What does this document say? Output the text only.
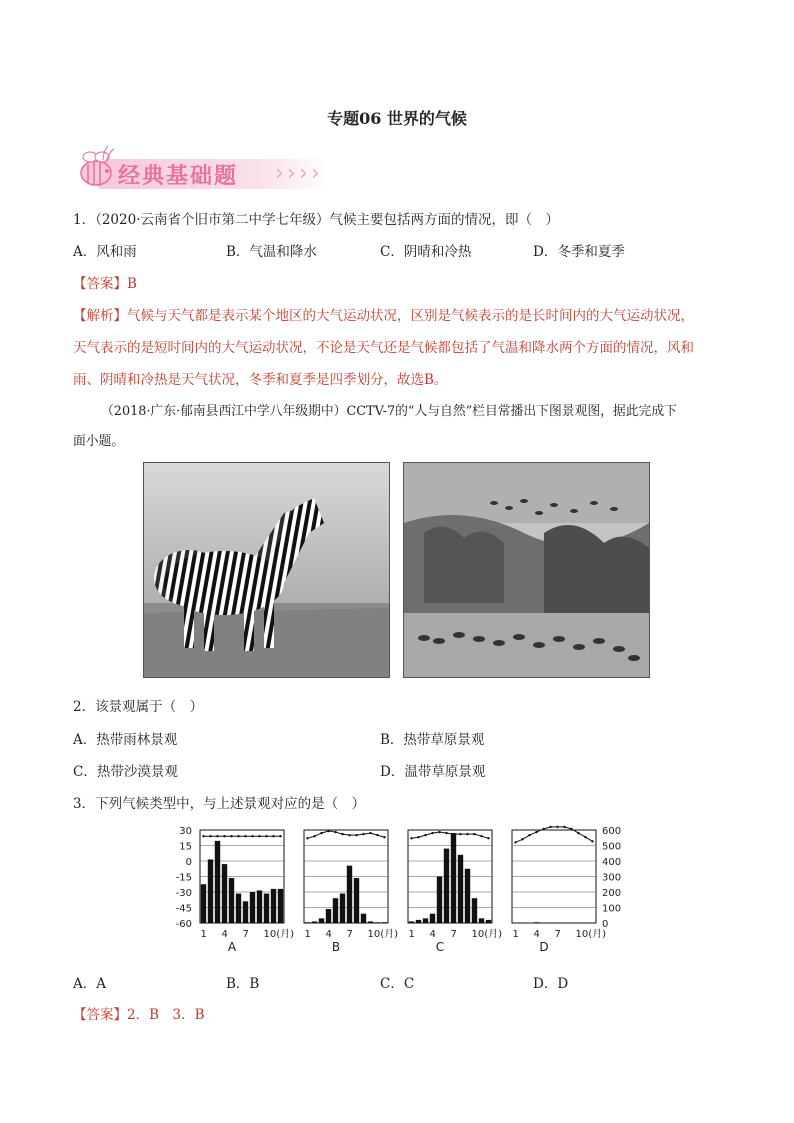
专题06 世界的气候
经典基础题 › › › ›
1．（2020·云南省个旧市第二中学七年级）气候主要包括两方面的情况，即（　）
A．风和雨	B．气温和降水	C．阴晴和冷热	D．冬季和夏季
【答案】B
【解析】气候与天气都是表示某个地区的大气运动状况，区别是气候表示的是长时间内的大气运动状况，
天气表示的是短时间内的大气运动状况，不论是天气还是气候都包括了气温和降水两个方面的情况，风和
雨、阴晴和冷热是天气状况，冬季和夏季是四季划分，故选B。
（2018·广东·郁南县西江中学八年级期中）CCTV-7的“人与自然”栏目常播出下图景观图，据此完成下
面小题。
2．该景观属于（　）
A．热带雨林景观	B．热带草原景观
C．热带沙漠景观	D．温带草原景观
3．下列气候类型中，与上述景观对应的是（　）
30
15
0
-15
-30
-45
-60
600
500
400
300
200
100
0
1 4 7 10(月)
A
1 4 7 10(月)
B
1 4 7 10(月)
C
1 4 7 10(月)
D
A．A	B．B	C．C	D．D
【答案】2．B　3．B
